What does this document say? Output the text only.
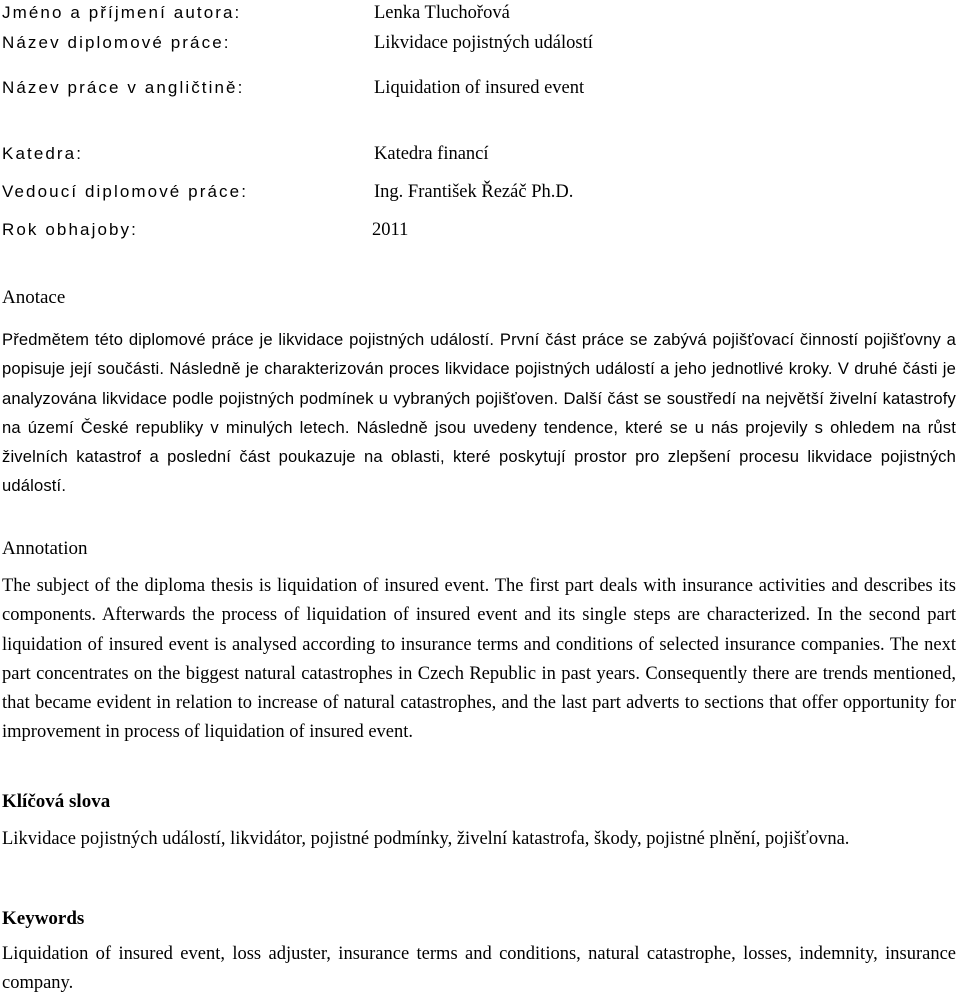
Jméno a příjmení autora:	Lenka Tluchořová
Název diplomové práce:	Likvidace pojistných událostí
Název práce v angličtině:	Liquidation of insured event
Katedra:	Katedra financí
Vedoucí diplomové práce:	Ing. František Řezáč Ph.D.
Rok obhajoby:	2011
Anotace

Předmětem této diplomové práce je likvidace pojistných událostí. První část práce se zabývá pojišťovací činností pojišťovny a popisuje její součásti. Následně je charakterizován proces likvidace pojistných událostí a jeho jednotlivé kroky. V druhé části je analyzována likvidace podle pojistných podmínek u vybraných pojišťoven. Další část se soustředí na největší živelní katastrofy na území České republiky v minulých letech. Následně jsou uvedeny tendence, které se u nás projevily s ohledem na růst živelních katastrof a poslední část poukazuje na oblasti, které poskytují prostor pro zlepšení procesu likvidace pojistných událostí.

Annotation

The subject of the diploma thesis is liquidation of insured event. The first part deals with insurance activities and describes its components. Afterwards the process of liquidation of insured event and its single steps are characterized. In the second part liquidation of insured event is analysed according to insurance terms and conditions of selected insurance companies. The next part concentrates on the biggest natural catastrophes in Czech Republic in past years. Consequently there are trends mentioned, that became evident in relation to increase of natural catastrophes, and the last part adverts to sections that offer opportunity for improvement in process of liquidation of insured event.

Klíčová slova

Likvidace pojistných událostí, likvidátor, pojistné podmínky, živelní katastrofa, škody, pojistné plnění, pojišťovna.

Keywords

Liquidation of insured event, loss adjuster, insurance terms and conditions, natural catastrophe, losses, indemnity, insurance company.
